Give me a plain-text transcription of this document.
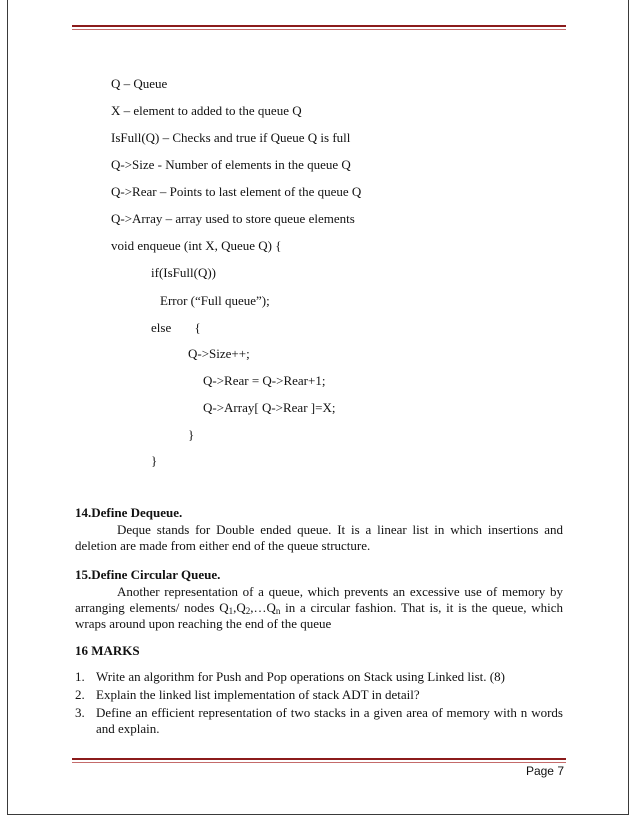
Q – Queue
X – element to added to the queue Q
IsFull(Q) – Checks and true if Queue Q is full
Q->Size - Number of elements in the queue Q
Q->Rear – Points to last element of the queue Q
Q->Array – array used to store queue elements
void enqueue (int X, Queue Q) {
if(IsFull(Q))
Error (“Full queue”);
else {
Q->Size++;
Q->Rear = Q->Rear+1;
Q->Array[ Q->Rear ]=X;
}
}
14.Define Dequeue.
Deque stands for Double ended queue. It is a linear list in which insertions and deletion are made from either end of the queue structure.
15.Define Circular Queue.
Another representation of a queue, which prevents an excessive use of memory by arranging elements/ nodes $Q_1,Q_2,\dots Q_n$ in a circular fashion. That is, it is the queue, which wraps around upon reaching the end of the queue
16 MARKS
1. Write an algorithm for Push and Pop operations on Stack using Linked list. (8)
2. Explain the linked list implementation of stack ADT in detail?
3. Define an efficient representation of two stacks in a given area of memory with n words and explain.
Page 7
